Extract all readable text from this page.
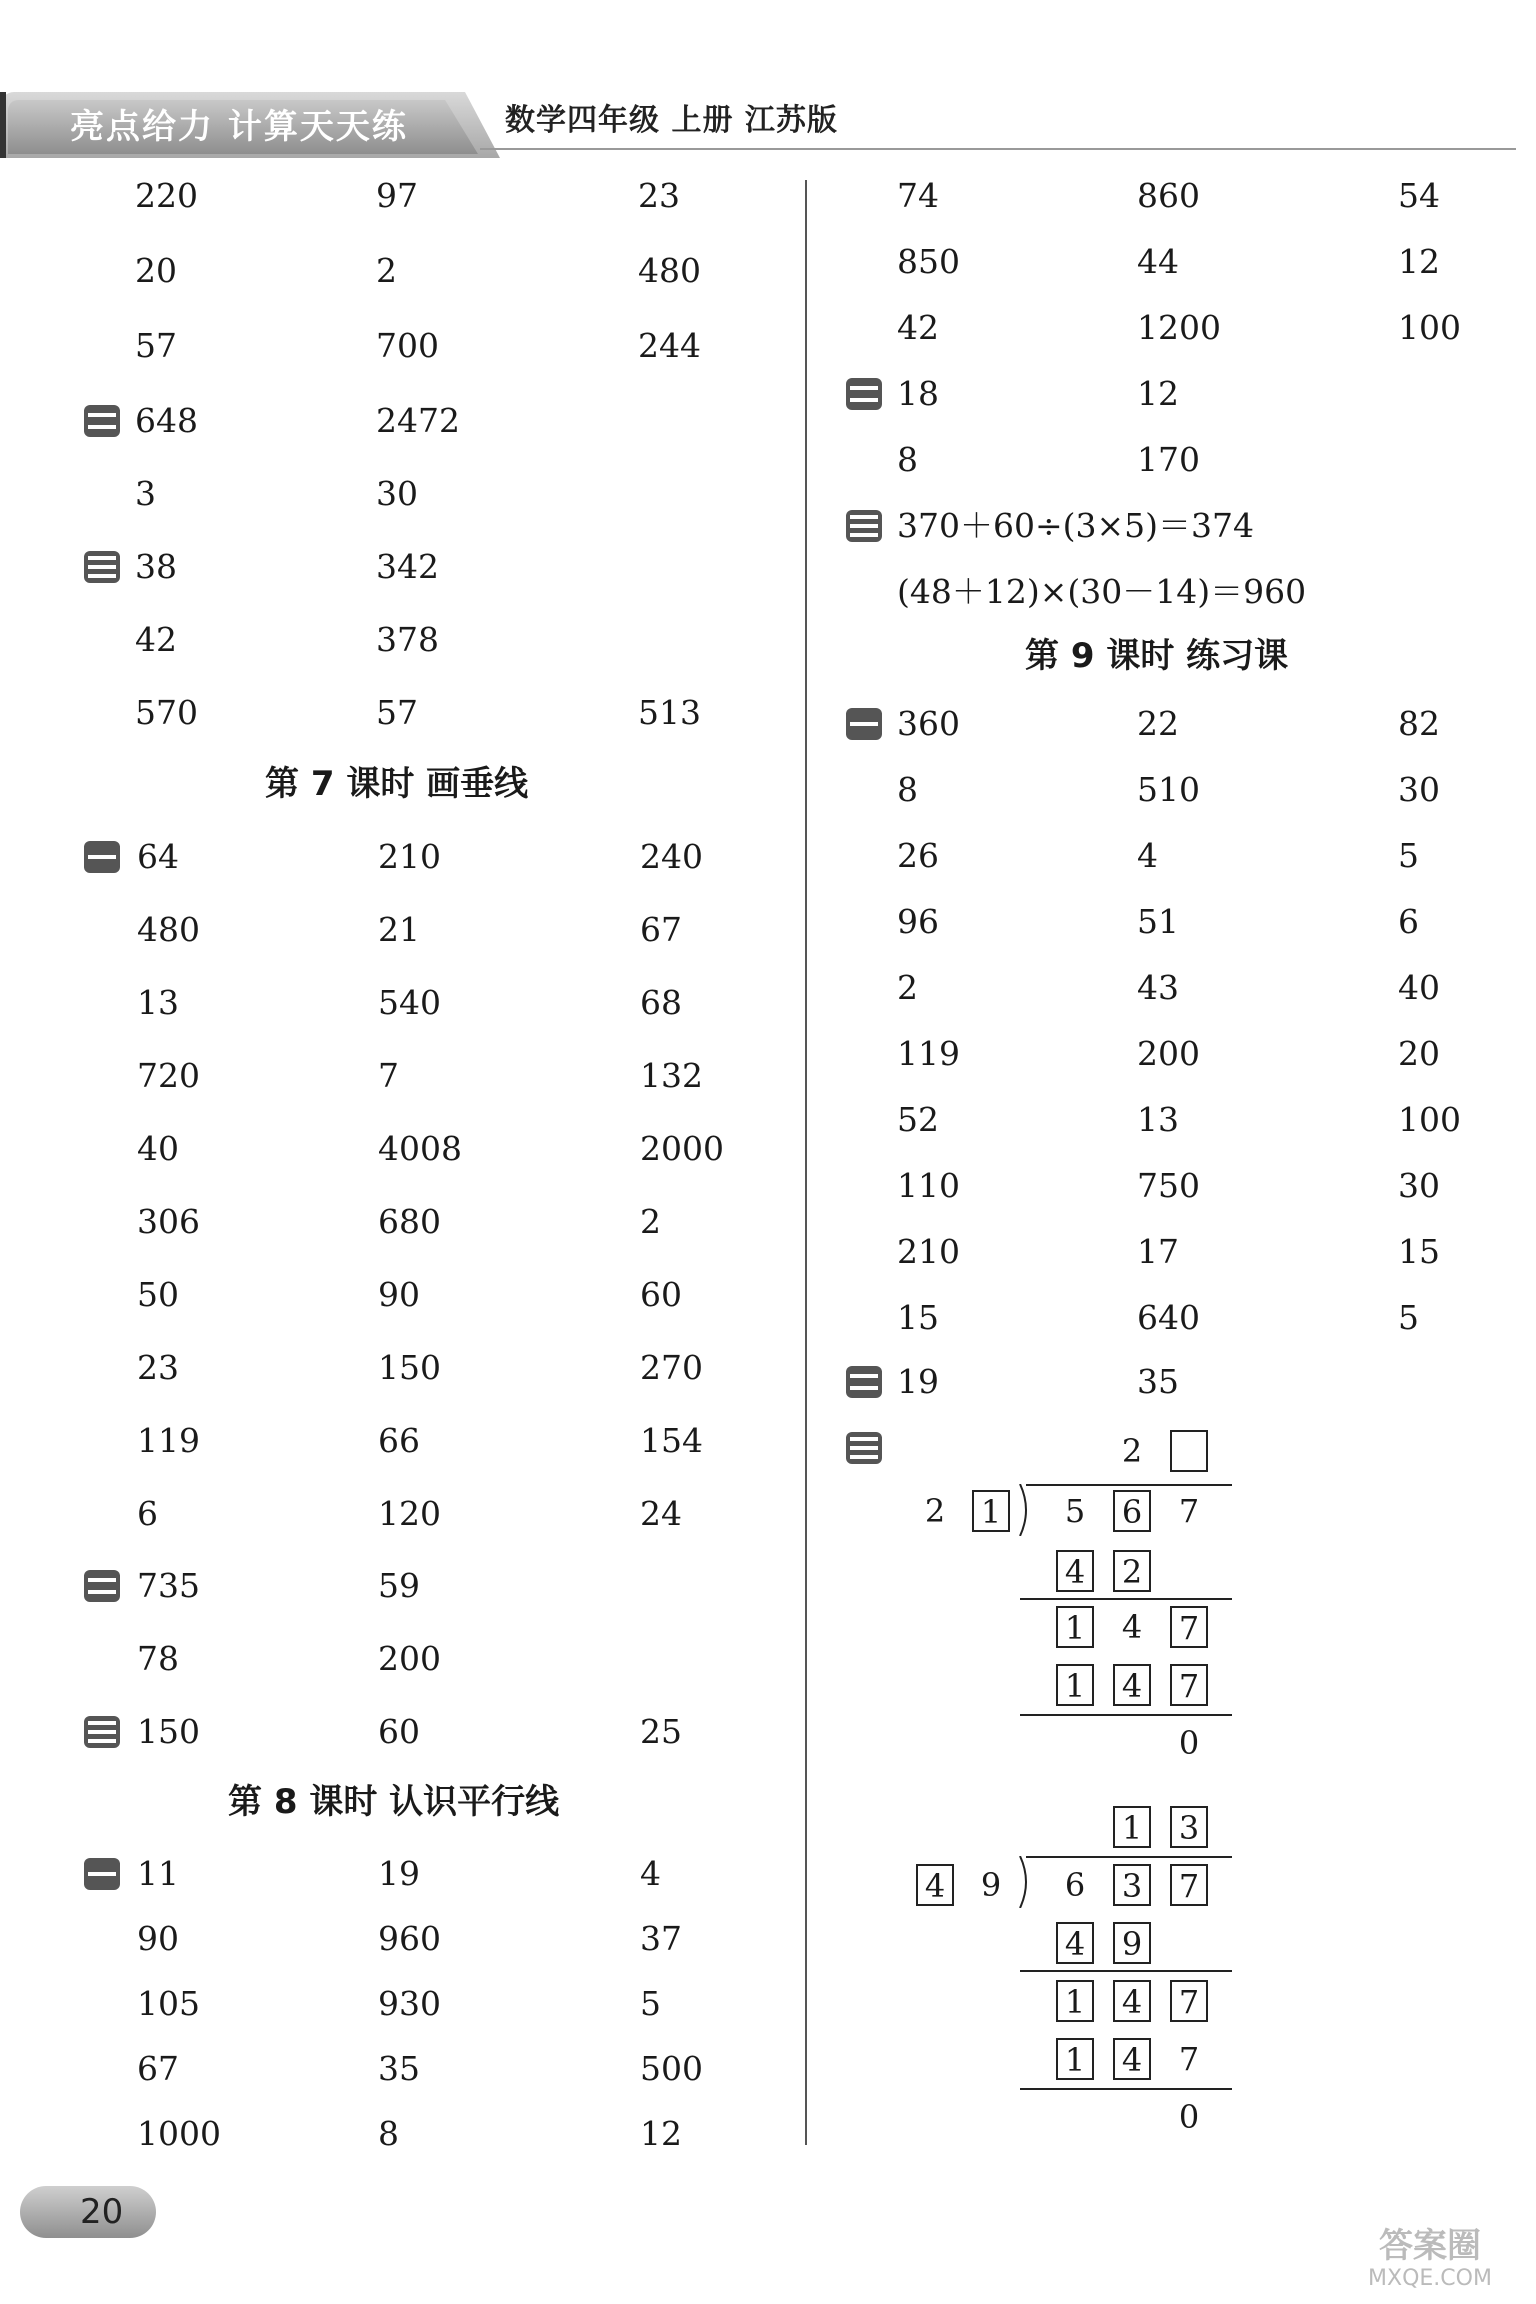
亮点给力 计算天天练	数学四年级 上册 江苏版
220	97	23
20	2	480
57	700	244
648	2472
3	30
38	342
42	378
570	57	513
第 7 课时 画垂线
64	210	240
480	21	67
13	540	68
720	7	132
40	4008	2000
306	680	2
50	90	60
23	150	270
119	66	154
6	120	24
735	59
78	200
150	60	25
第 8 课时 认识平行线
11	19	4
90	960	37
105	930	5
67	35	500
1000	8	12
74	860	54
850	44	12
42	1200	100
18	12
8	170
370＋60÷(3×5)＝374
(48＋12)×(30－14)＝960
第 9 课时 练习课
360	22	82
8	510	30
26	4	5
96	51	6
2	43	40
119	200	20
52	13	100
110	750	30
210	17	15
15	640	5
19	35
2
2 1 5 6 7
4 2
1 4 7
1 4 7
0
1 3
4 9 6 3 7
4 9
1 4 7
1 4 7
0
20
答案圈
MXQE.COM
